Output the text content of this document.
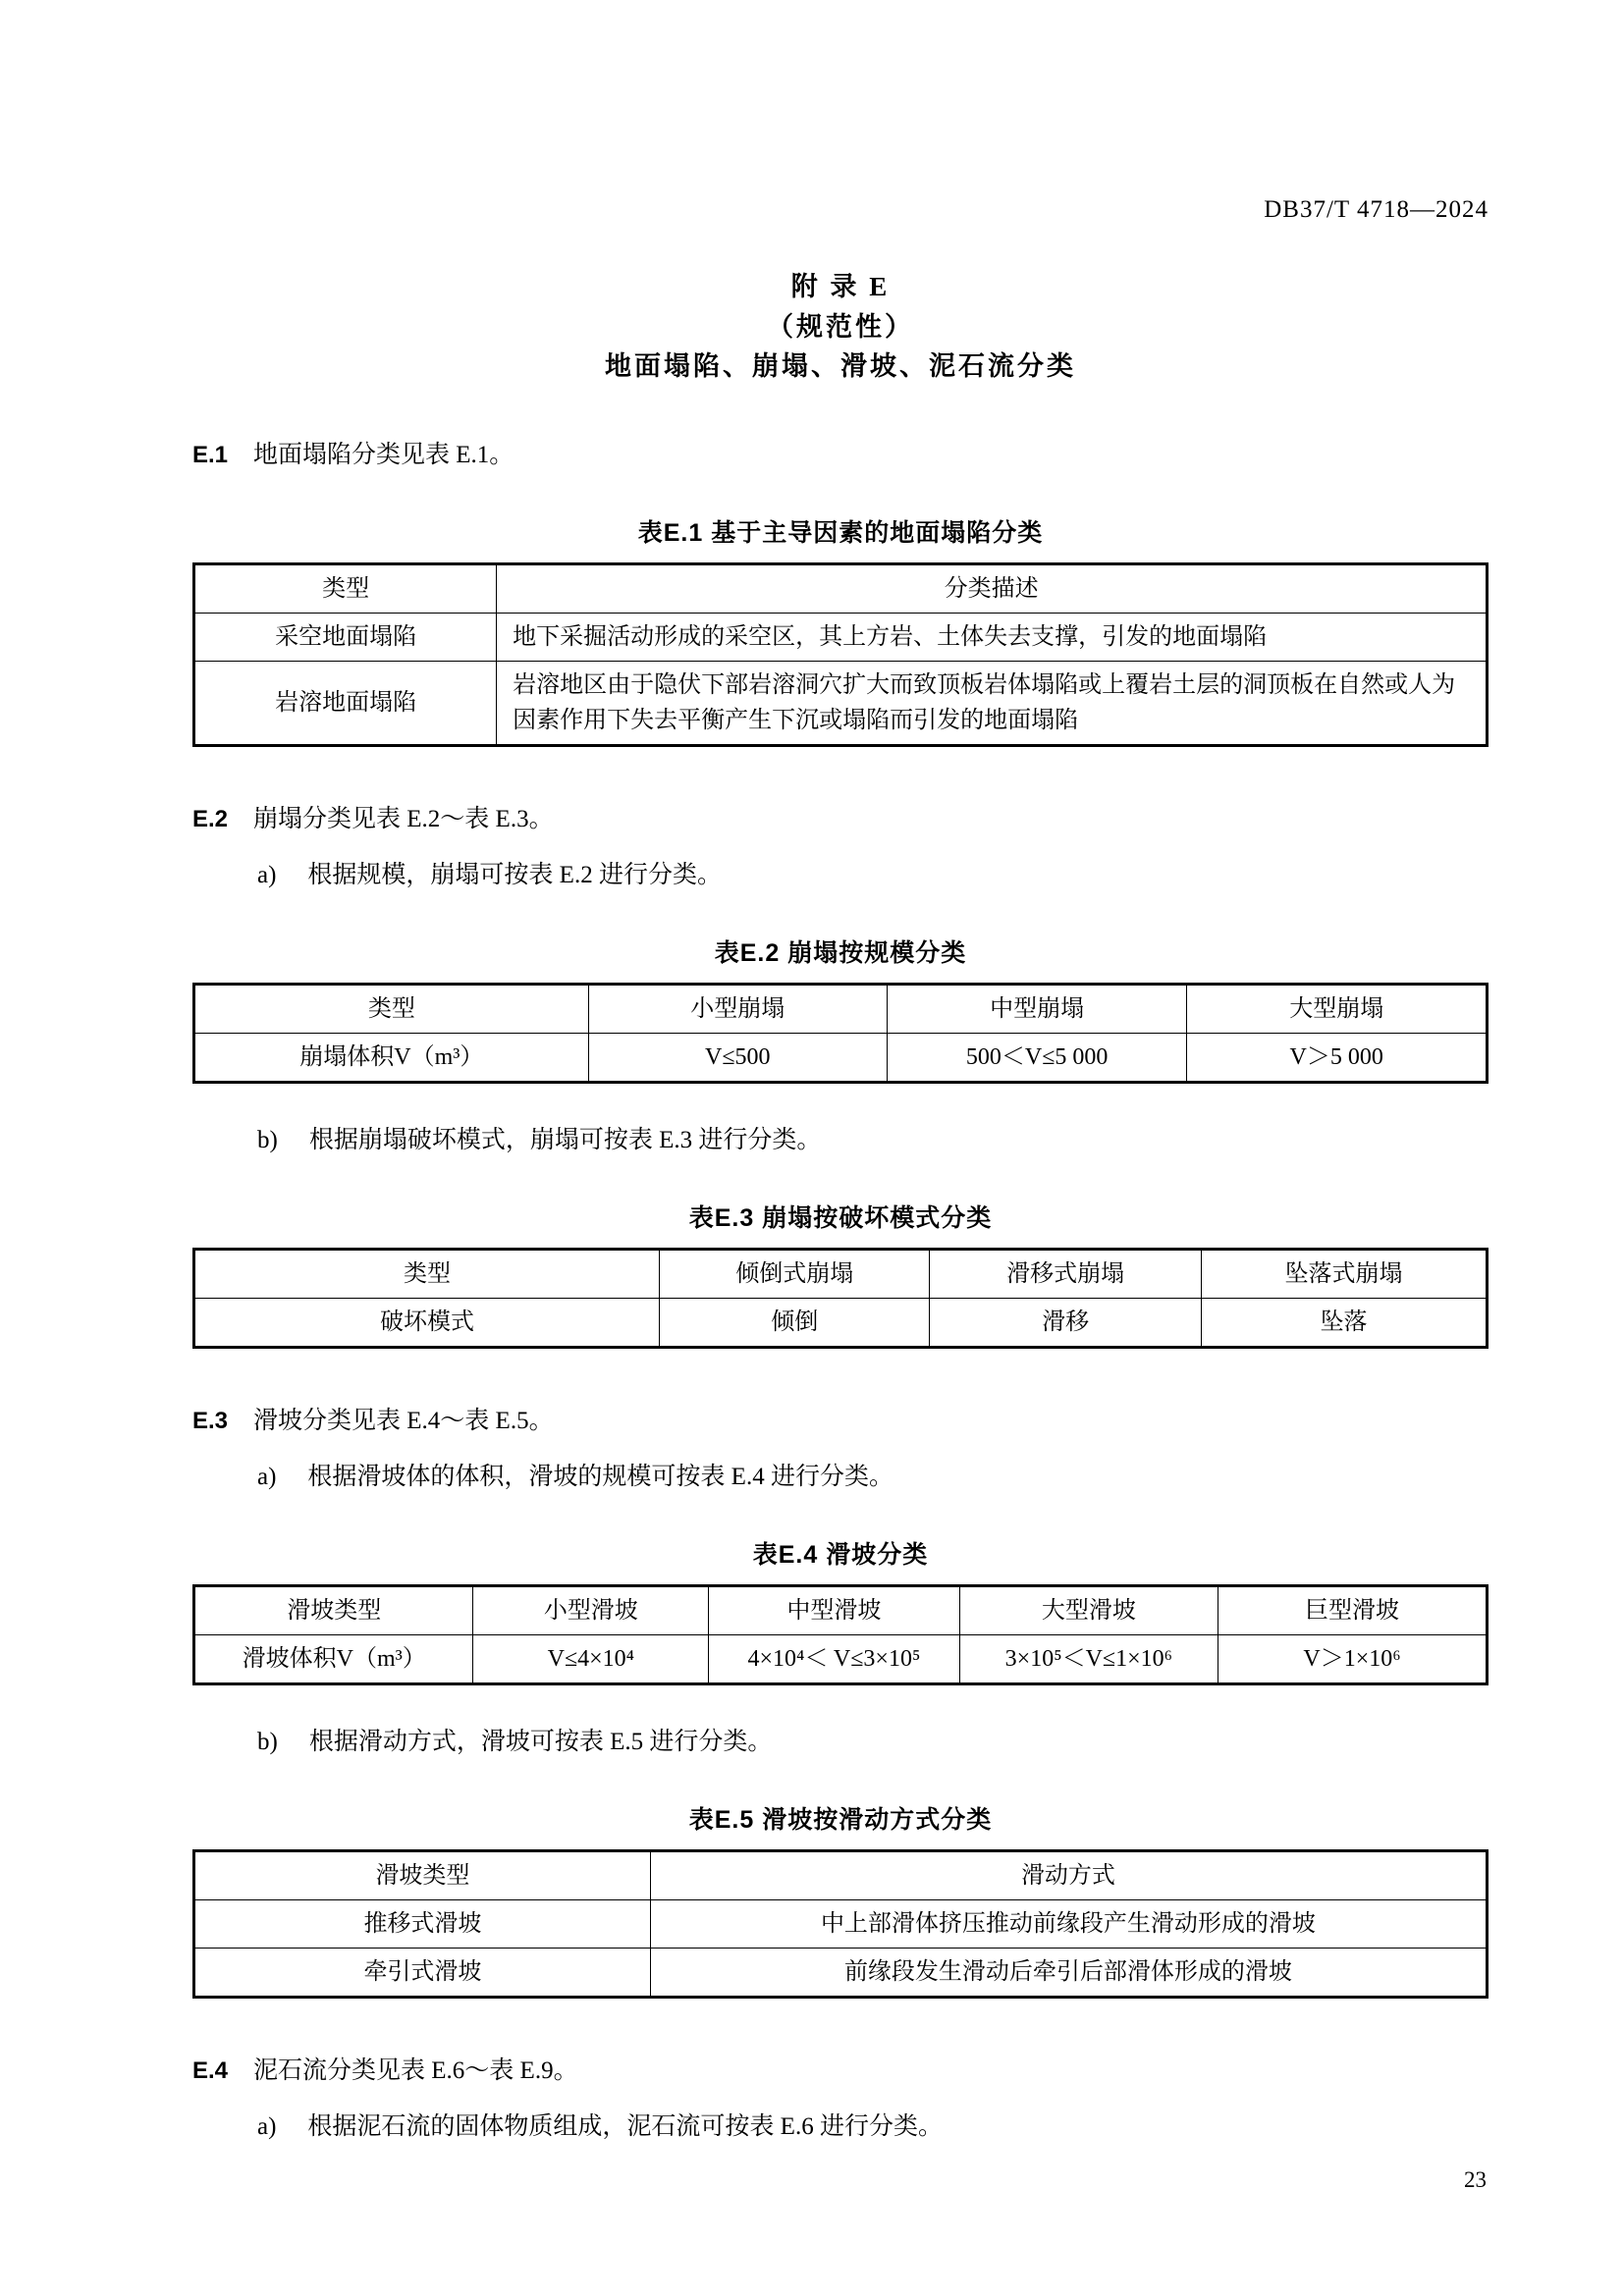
DB37/T 4718—2024
附 录 E
（规范性）
地面塌陷、崩塌、滑坡、泥石流分类
E.1 地面塌陷分类见表 E.1。
表E.1 基于主导因素的地面塌陷分类
类型	分类描述
采空地面塌陷	地下采掘活动形成的采空区，其上方岩、土体失去支撑，引发的地面塌陷
岩溶地面塌陷	岩溶地区由于隐伏下部岩溶洞穴扩大而致顶板岩体塌陷或上覆岩土层的洞顶板在自然或人为因素作用下失去平衡产生下沉或塌陷而引发的地面塌陷
E.2 崩塌分类见表 E.2～表 E.3。
a) 根据规模，崩塌可按表 E.2 进行分类。
表E.2 崩塌按规模分类
类型	小型崩塌	中型崩塌	大型崩塌
崩塌体积V（m³）	V≤500	500＜V≤5 000	V＞5 000
b) 根据崩塌破坏模式，崩塌可按表 E.3 进行分类。
表E.3 崩塌按破坏模式分类
类型	倾倒式崩塌	滑移式崩塌	坠落式崩塌
破坏模式	倾倒	滑移	坠落
E.3 滑坡分类见表 E.4～表 E.5。
a) 根据滑坡体的体积，滑坡的规模可按表 E.4 进行分类。
表E.4 滑坡分类
滑坡类型	小型滑坡	中型滑坡	大型滑坡	巨型滑坡
滑坡体积V（m³）	V≤4×10⁴	4×10⁴＜ V≤3×10⁵	3×10⁵＜V≤1×10⁶	V＞1×10⁶
b) 根据滑动方式，滑坡可按表 E.5 进行分类。
表E.5 滑坡按滑动方式分类
滑坡类型	滑动方式
推移式滑坡	中上部滑体挤压推动前缘段产生滑动形成的滑坡
牵引式滑坡	前缘段发生滑动后牵引后部滑体形成的滑坡
E.4 泥石流分类见表 E.6～表 E.9。
a) 根据泥石流的固体物质组成，泥石流可按表 E.6 进行分类。
23
